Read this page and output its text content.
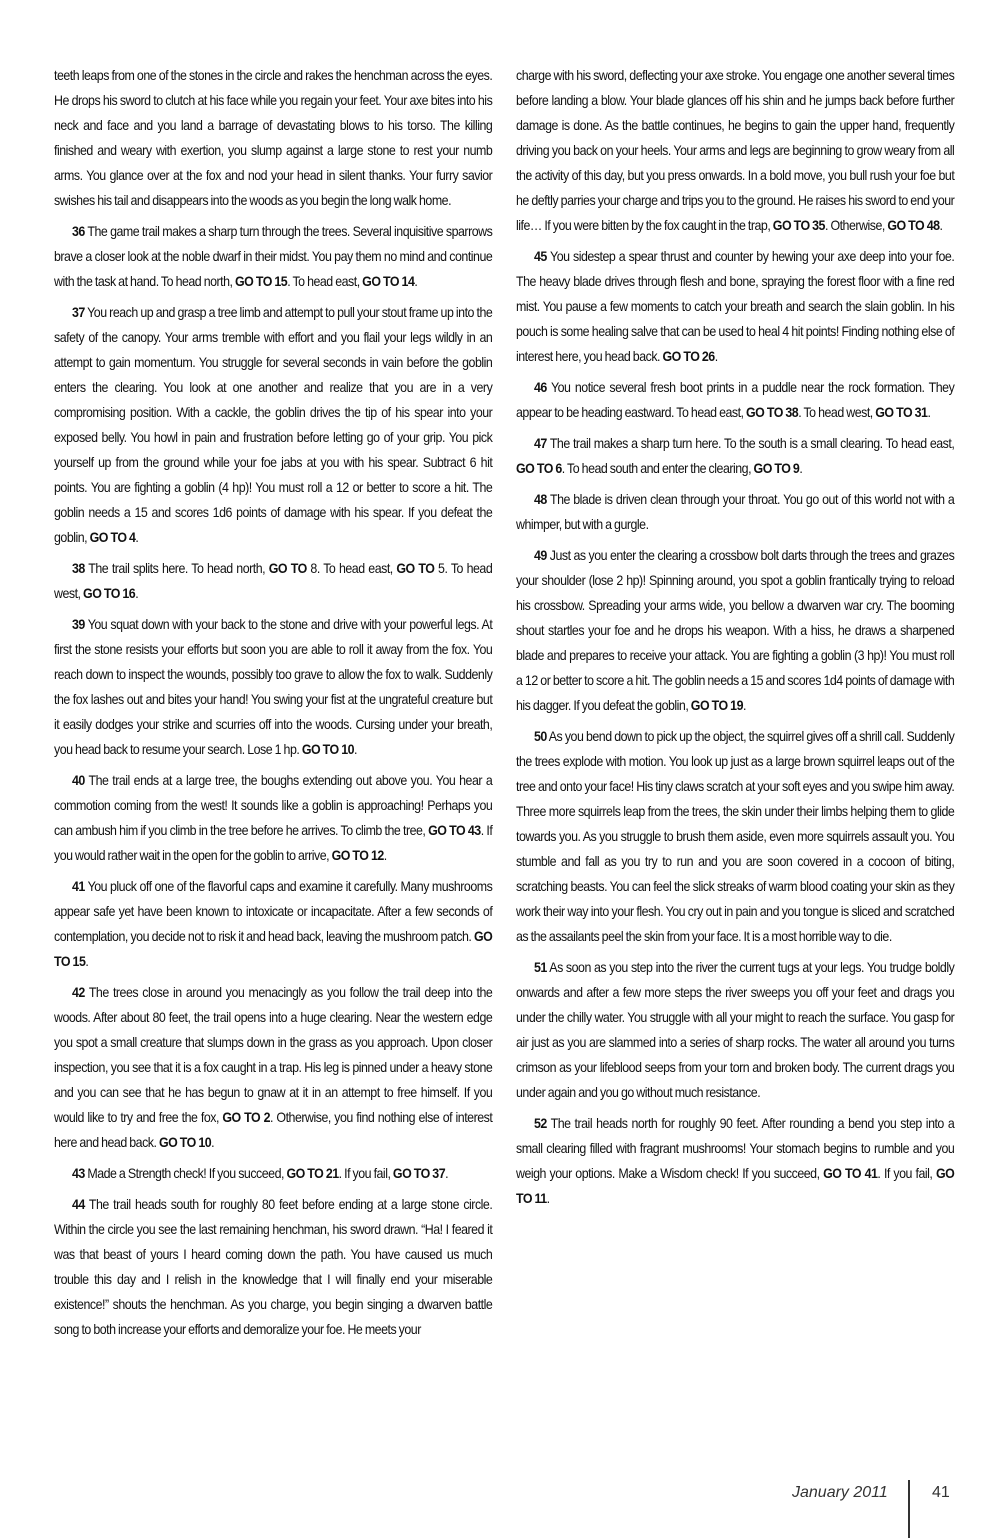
teeth leaps from one of the stones in the circle and rakes the henchman across the eyes. He drops his sword to clutch at his face while you regain your feet. Your axe bites into his neck and face and you land a barrage of devastating blows to his torso. The killing finished and weary with exertion, you slump against a large stone to rest your numb arms. You glance over at the fox and nod your head in silent thanks. Your furry savior swishes his tail and disappears into the woods as you begin the long walk home.

36 The game trail makes a sharp turn through the trees. Several inquisitive sparrows brave a closer look at the noble dwarf in their midst. You pay them no mind and continue with the task at hand. To head north, GO TO 15. To head east, GO TO 14.

37 You reach up and grasp a tree limb and attempt to pull your stout frame up into the safety of the canopy. Your arms tremble with effort and you flail your legs wildly in an attempt to gain momentum. You struggle for several seconds in vain before the goblin enters the clearing. You look at one another and realize that you are in a very compromising position. With a cackle, the goblin drives the tip of his spear into your exposed belly. You howl in pain and frustration before letting go of your grip. You pick yourself up from the ground while your foe jabs at you with his spear. Subtract 6 hit points. You are fighting a goblin (4 hp)! You must roll a 12 or better to score a hit. The goblin needs a 15 and scores 1d6 points of damage with his spear. If you defeat the goblin, GO TO 4.

38 The trail splits here. To head north, GO TO 8. To head east, GO TO 5. To head west, GO TO 16.

39 You squat down with your back to the stone and drive with your powerful legs. At first the stone resists your efforts but soon you are able to roll it away from the fox. You reach down to inspect the wounds, possibly too grave to allow the fox to walk. Suddenly the fox lashes out and bites your hand! You swing your fist at the ungrateful creature but it easily dodges your strike and scurries off into the woods. Cursing under your breath, you head back to resume your search. Lose 1 hp. GO TO 10.

40 The trail ends at a large tree, the boughs extending out above you. You hear a commotion coming from the west! It sounds like a goblin is approaching! Perhaps you can ambush him if you climb in the tree before he arrives. To climb the tree, GO TO 43. If you would rather wait in the open for the goblin to arrive, GO TO 12.

41 You pluck off one of the flavorful caps and examine it carefully. Many mushrooms appear safe yet have been known to intoxicate or incapacitate. After a few seconds of contemplation, you decide not to risk it and head back, leaving the mushroom patch. GO TO 15.

42 The trees close in around you menacingly as you follow the trail deep into the woods. After about 80 feet, the trail opens into a huge clearing. Near the western edge you spot a small creature that slumps down in the grass as you approach. Upon closer inspection, you see that it is a fox caught in a trap. His leg is pinned under a heavy stone and you can see that he has begun to gnaw at it in an attempt to free himself. If you would like to try and free the fox, GO TO 2. Otherwise, you find nothing else of interest here and head back. GO TO 10.

43 Made a Strength check! If you succeed, GO TO 21. If you fail, GO TO 37.

44 The trail heads south for roughly 80 feet before ending at a large stone circle. Within the circle you see the last remaining henchman, his sword drawn. “Ha! I feared it was that beast of yours I heard coming down the path. You have caused us much trouble this day and I relish in the knowledge that I will finally end your miserable existence!” shouts the henchman. As you charge, you begin singing a dwarven battle song to both increase your efforts and demoralize your foe. He meets your

charge with his sword, deflecting your axe stroke. You engage one another several times before landing a blow. Your blade glances off his shin and he jumps back before further damage is done. As the battle continues, he begins to gain the upper hand, frequently driving you back on your heels. Your arms and legs are beginning to grow weary from all the activity of this day, but you press onwards. In a bold move, you bull rush your foe but he deftly parries your charge and trips you to the ground. He raises his sword to end your life… If you were bitten by the fox caught in the trap, GO TO 35. Otherwise, GO TO 48.

45 You sidestep a spear thrust and counter by hewing your axe deep into your foe. The heavy blade drives through flesh and bone, spraying the forest floor with a fine red mist. You pause a few moments to catch your breath and search the slain goblin. In his pouch is some healing salve that can be used to heal 4 hit points! Finding nothing else of interest here, you head back. GO TO 26.

46 You notice several fresh boot prints in a puddle near the rock formation. They appear to be heading eastward. To head east, GO TO 38. To head west, GO TO 31.

47 The trail makes a sharp turn here. To the south is a small clearing. To head east, GO TO 6. To head south and enter the clearing, GO TO 9.

48 The blade is driven clean through your throat. You go out of this world not with a whimper, but with a gurgle.

49 Just as you enter the clearing a crossbow bolt darts through the trees and grazes your shoulder (lose 2 hp)! Spinning around, you spot a goblin frantically trying to reload his crossbow. Spreading your arms wide, you bellow a dwarven war cry. The booming shout startles your foe and he drops his weapon. With a hiss, he draws a sharpened blade and prepares to receive your attack. You are fighting a goblin (3 hp)! You must roll a 12 or better to score a hit. The goblin needs a 15 and scores 1d4 points of damage with his dagger. If you defeat the goblin, GO TO 19.

50 As you bend down to pick up the object, the squirrel gives off a shrill call. Suddenly the trees explode with motion. You look up just as a large brown squirrel leaps out of the tree and onto your face! His tiny claws scratch at your soft eyes and you swipe him away. Three more squirrels leap from the trees, the skin under their limbs helping them to glide towards you. As you struggle to brush them aside, even more squirrels assault you. You stumble and fall as you try to run and you are soon covered in a cocoon of biting, scratching beasts. You can feel the slick streaks of warm blood coating your skin as they work their way into your flesh. You cry out in pain and you tongue is sliced and scratched as the assailants peel the skin from your face. It is a most horrible way to die.

51 As soon as you step into the river the current tugs at your legs. You trudge boldly onwards and after a few more steps the river sweeps you off your feet and drags you under the chilly water. You struggle with all your might to reach the surface. You gasp for air just as you are slammed into a series of sharp rocks. The water all around you turns crimson as your lifeblood seeps from your torn and broken body. The current drags you under again and you go without much resistance.

52 The trail heads north for roughly 90 feet. After rounding a bend you step into a small clearing filled with fragrant mushrooms! Your stomach begins to rumble and you weigh your options. Make a Wisdom check! If you succeed, GO TO 41. If you fail, GO TO 11.

January 2011	41
